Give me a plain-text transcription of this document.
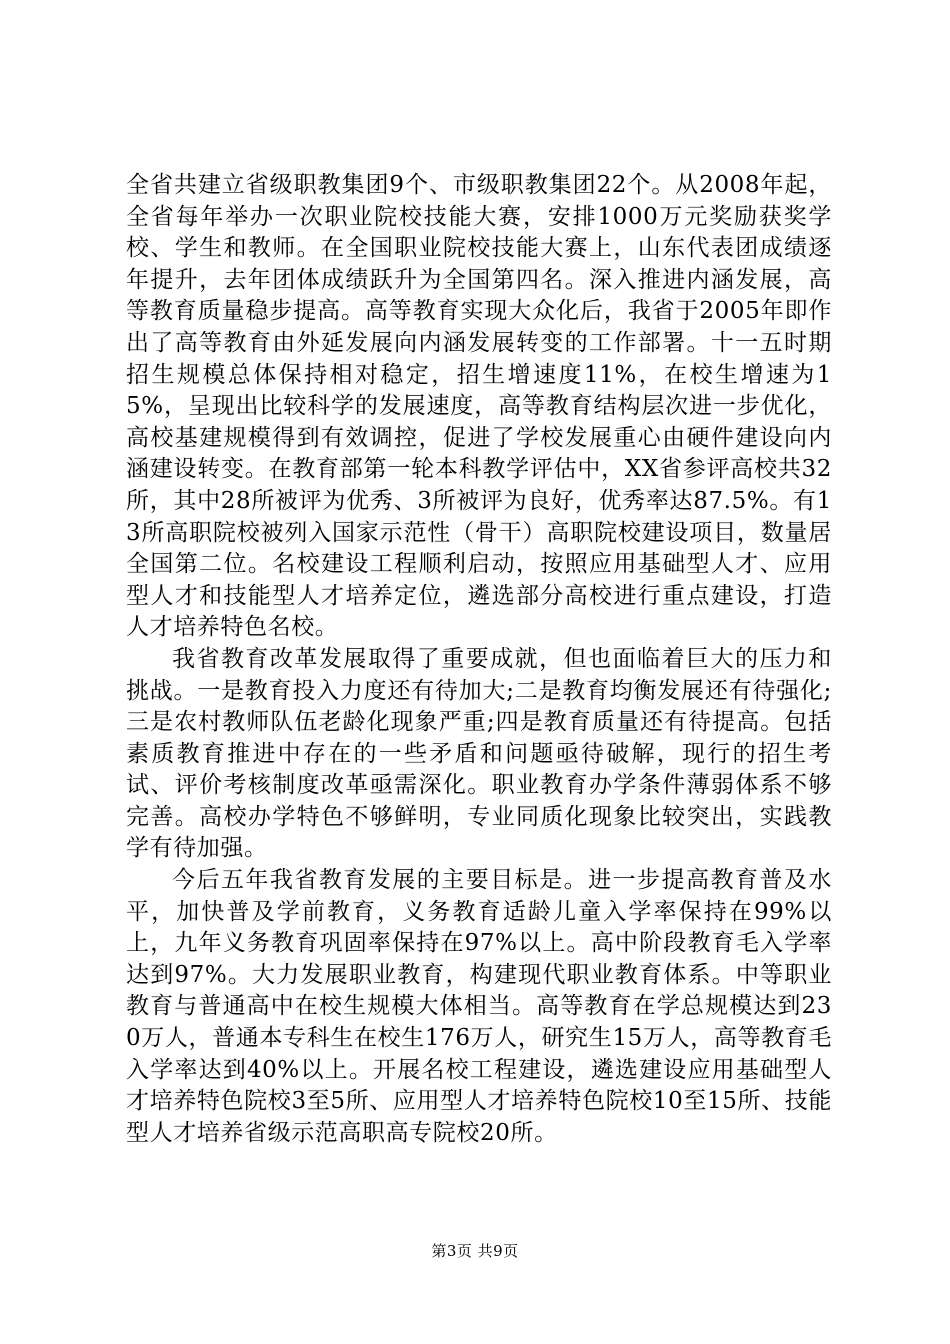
全省共建立省级职教集团9个、市级职教集团22个。从2008年起，全省每年举办一次职业院校技能大赛，安排1000万元奖励获奖学校、学生和教师。在全国职业院校技能大赛上，山东代表团成绩逐年提升，去年团体成绩跃升为全国第四名。深入推进内涵发展，高等教育质量稳步提高。高等教育实现大众化后，我省于2005年即作出了高等教育由外延发展向内涵发展转变的工作部署。十一五时期招生规模总体保持相对稳定，招生增速度11%，在校生增速为15%，呈现出比较科学的发展速度，高等教育结构层次进一步优化，高校基建规模得到有效调控，促进了学校发展重心由硬件建设向内涵建设转变。在教育部第一轮本科教学评估中，XX省参评高校共32所，其中28所被评为优秀、3所被评为良好，优秀率达87.5%。有13所高职院校被列入国家示范性（骨干）高职院校建设项目，数量居全国第二位。名校建设工程顺利启动，按照应用基础型人才、应用型人才和技能型人才培养定位，遴选部分高校进行重点建设，打造人才培养特色名校。

我省教育改革发展取得了重要成就，但也面临着巨大的压力和挑战。一是教育投入力度还有待加大;二是教育均衡发展还有待强化;三是农村教师队伍老龄化现象严重;四是教育质量还有待提高。包括素质教育推进中存在的一些矛盾和问题亟待破解，现行的招生考试、评价考核制度改革亟需深化。职业教育办学条件薄弱体系不够完善。高校办学特色不够鲜明，专业同质化现象比较突出，实践教学有待加强。

今后五年我省教育发展的主要目标是。进一步提高教育普及水平，加快普及学前教育，义务教育适龄儿童入学率保持在99%以上，九年义务教育巩固率保持在97%以上。高中阶段教育毛入学率达到97%。大力发展职业教育，构建现代职业教育体系。中等职业教育与普通高中在校生规模大体相当。高等教育在学总规模达到230万人，普通本专科生在校生176万人，研究生15万人，高等教育毛入学率达到40%以上。开展名校工程建设，遴选建设应用基础型人才培养特色院校3至5所、应用型人才培养特色院校10至15所、技能型人才培养省级示范高职高专院校20所。

第3页 共9页
